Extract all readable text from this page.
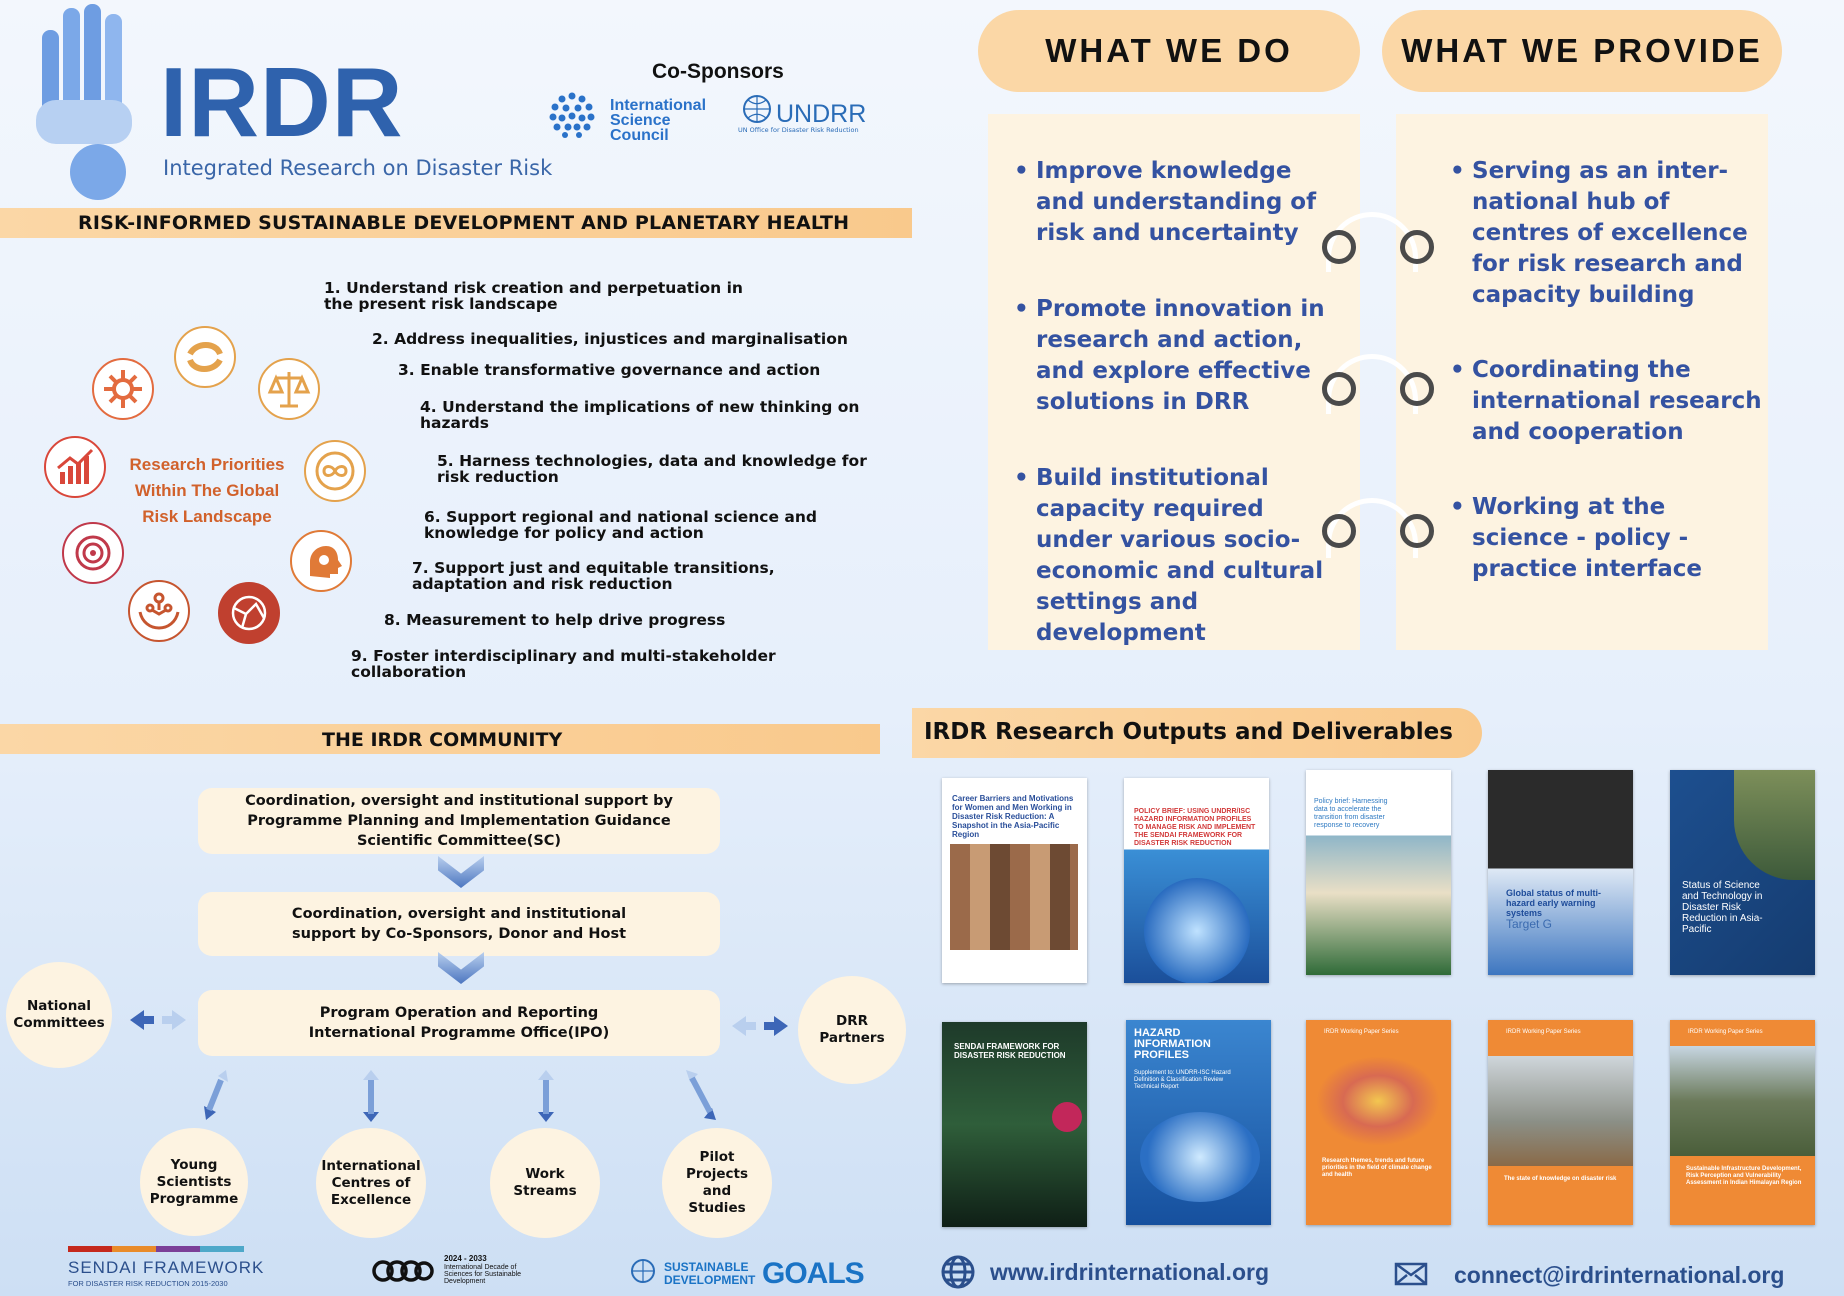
IRDR
Integrated Research on Disaster Risk
Co-Sponsors
International Science Council
UNDRR
UN Office for Disaster Risk Reduction
RISK-INFORMED SUSTAINABLE DEVELOPMENT AND PLANETARY HEALTH
Research Priorities Within The Global Risk Landscape
1. Understand risk creation and perpetuation in the present risk landscape
2. Address inequalities, injustices and marginalisation
3. Enable transformative governance and action
4. Understand the implications of new thinking on hazards
5. Harness technologies, data and knowledge for risk reduction
6. Support regional and national science and knowledge for policy and action
7. Support just and equitable transitions, adaptation and risk reduction
8. Measurement to help drive progress
9. Foster interdisciplinary and multi-stakeholder collaboration
WHAT WE DO	WHAT WE PROVIDE
• Improve knowledge and understanding of risk and uncertainty
• Promote innovation in research and action, and explore effective solutions in DRR
• Build institutional capacity required under various socio-economic and cultural settings and development
• Serving as an inter-national hub of centres of excellence for risk research and capacity building
• Coordinating the international research and cooperation
• Working at the science - policy - practice interface
THE IRDR COMMUNITY
Coordination, oversight and institutional support by Programme Planning and Implementation Guidance Scientific Committee(SC)
Coordination, oversight and institutional support by Co-Sponsors, Donor and Host
Program Operation and Reporting International Programme Office(IPO)
National Committees	DRR Partners
Young Scientists Programme
International Centres of Excellence
Work Streams
Pilot Projects and Studies
IRDR Research Outputs and Deliverables
Career Barriers and Motivations for Women and Men Working in Disaster Risk Reduction: A Snapshot in the Asia-Pacific Region
POLICY BRIEF: USING UNDRR/ISC HAZARD INFORMATION PROFILES TO MANAGE RISK AND IMPLEMENT THE SENDAI FRAMEWORK FOR DISASTER RISK REDUCTION
Policy brief: Harnessing data to accelerate the transition from disaster response to recovery
Global status of multi-hazard early warning systems
Target G
Status of Science and Technology in Disaster Risk Reduction in Asia-Pacific
SENDAI FRAMEWORK FOR DISASTER RISK REDUCTION
HAZARD INFORMATION PROFILES
Supplement to: UNDRR-ISC Hazard Definition & Classification Review Technical Report
IRDR Working Paper Series
Research themes, trends and future priorities in the field of climate change and health
IRDR Working Paper Series
The state of knowledge on disaster risk
IRDR Working Paper Series
Sustainable Infrastructure Development, Risk Perception and Vulnerability Assessment in Indian Himalayan Region
SENDAI FRAMEWORK
FOR DISASTER RISK REDUCTION 2015-2030
2024 - 2033
International Decade of Sciences for Sustainable Development
SUSTAINABLE
DEVELOPMENT GOALS	www.irdrinternational.org	connect@irdrinternational.org
